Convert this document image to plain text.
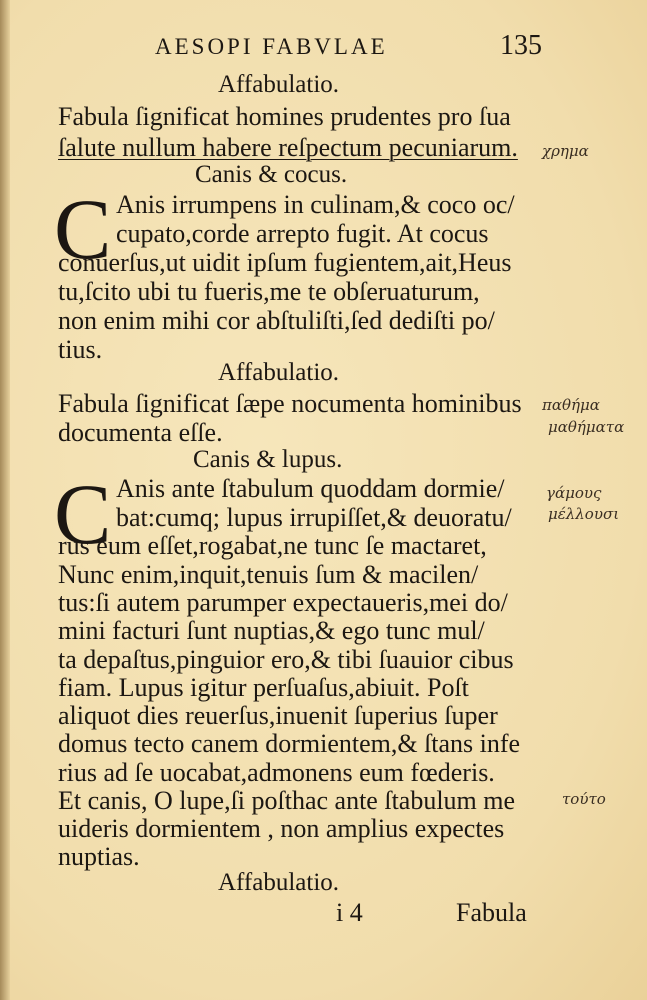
AESOPI FABVLAE	135
Affabulatio.
Fabula ſignificat homines prudentes pro ſua
ſalute nullum habere reſpectum pecuniarum.
Canis & cocus.
C Anis irrumpens in culinam,& coco oc/
cupato,corde arrepto fugit. At cocus
conuerſus,ut uidit ipſum fugientem,ait,Heus
tu,ſcito ubi tu fueris,me te obſeruaturum,
non enim mihi cor abſtuliſti,ſed dediſti po/
tius.
Affabulatio.
Fabula ſignificat ſæpe nocumenta hominibus
documenta eſſe.
Canis & lupus.
C Anis ante ſtabulum quoddam dormie/
bat:cumq; lupus irrupiſſet,& deuoratu/
rus eum eſſet,rogabat,ne tunc ſe mactaret,
Nunc enim,inquit,tenuis ſum & macilen/
tus:ſi autem parumper expectaueris,mei do/
mini facturi ſunt nuptias,& ego tunc mul/
ta depaſtus,pinguior ero,& tibi ſuauior cibus
fiam. Lupus igitur perſuaſus,abiuit. Poſt
aliquot dies reuerſus,inuenit ſuperius ſuper
domus tecto canem dormientem,& ſtans infe
rius ad ſe uocabat,admonens eum fœderis.
Et canis, O lupe,ſi poſthac ante ſtabulum me
uideris dormientem , non amplius expectes
nuptias.
Affabulatio.
i 4	Fabula
χρημα
παθήμα
μαθήματα
γάμους
μέλλουσι
τούτο
